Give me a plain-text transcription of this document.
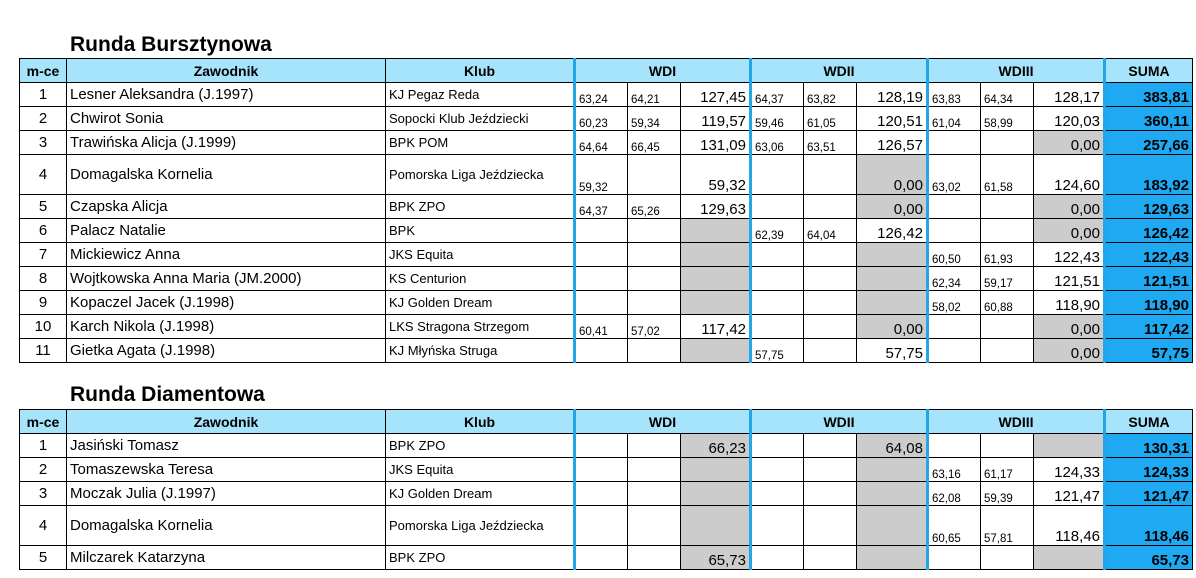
Runda Bursztynowa
m-ce	Zawodnik	Klub	WDI			WDII			WDIII			SUMA
1	Lesner Aleksandra (J.1997)	KJ Pegaz Reda	63,24	64,21	127,45	64,37	63,82	128,19	63,83	64,34	128,17	383,81
2	Chwirot Sonia	Sopocki Klub Jeździecki	60,23	59,34	119,57	59,46	61,05	120,51	61,04	58,99	120,03	360,11
3	Trawińska Alicja (J.1999)	BPK POM	64,64	66,45	131,09	63,06	63,51	126,57			0,00	257,66
4	Domagalska Kornelia	Pomorska Liga Jeździecka	59,32		59,32			0,00	63,02	61,58	124,60	183,92
5	Czapska Alicja	BPK ZPO	64,37	65,26	129,63			0,00			0,00	129,63
6	Palacz Natalie	BPK				62,39	64,04	126,42			0,00	126,42
7	Mickiewicz Anna	JKS Equita							60,50	61,93	122,43	122,43
8	Wojtkowska Anna Maria (JM.2000)	KS Centurion							62,34	59,17	121,51	121,51
9	Kopaczel Jacek (J.1998)	KJ Golden Dream							58,02	60,88	118,90	118,90
10	Karch Nikola (J.1998)	LKS Stragona Strzegom	60,41	57,02	117,42			0,00			0,00	117,42
11	Gietka Agata (J.1998)	KJ Młyńska Struga				57,75		57,75			0,00	57,75
Runda Diamentowa
m-ce	Zawodnik	Klub	WDI			WDII			WDIII			SUMA
1	Jasiński Tomasz	BPK ZPO			66,23			64,08				130,31
2	Tomaszewska Teresa	JKS Equita							63,16	61,17	124,33	124,33
3	Moczak Julia (J.1997)	KJ Golden Dream							62,08	59,39	121,47	121,47
4	Domagalska Kornelia	Pomorska Liga Jeździecka							60,65	57,81	118,46	118,46
5	Milczarek Katarzyna	BPK ZPO			65,73							65,73
